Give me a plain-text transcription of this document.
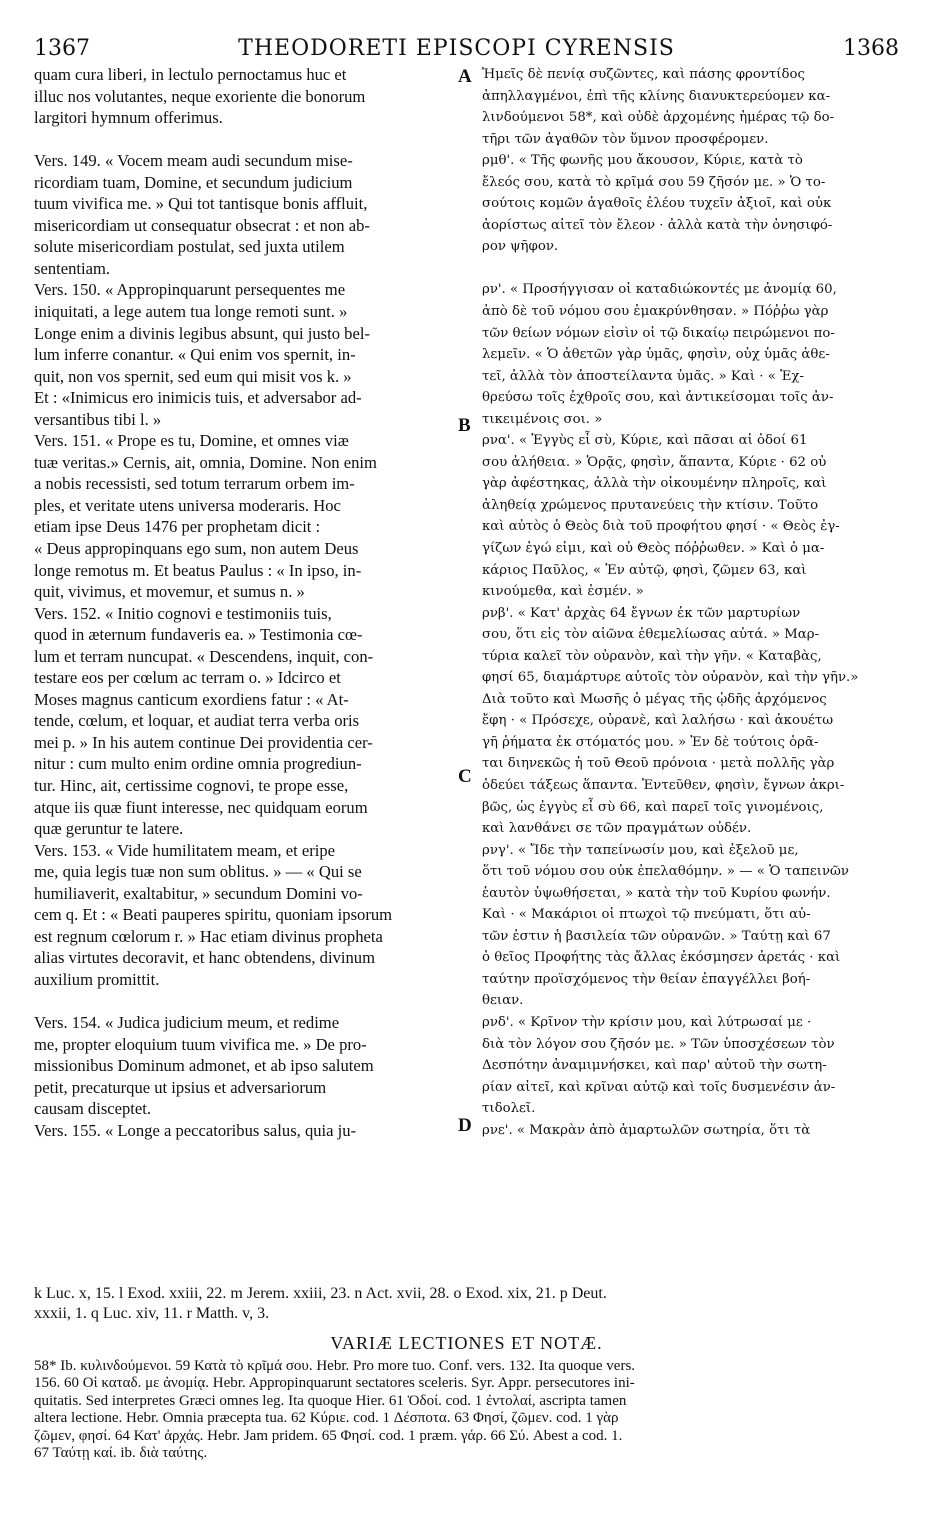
1367	THEODORETI EPISCOPI CYRENSIS	1368
quam cura liberi, in lectulo pernoctamus huc et
illuc nos volutantes, neque exoriente die bonorum
largitori hymnum offerimus.
Vers. 149. « Vocem meam audi secundum mise-
ricordiam tuam, Domine, et secundum judicium
tuum vivifica me. » Qui tot tantisque bonis affluit,
misericordiam ut consequatur obsecrat : et non ab-
solute misericordiam postulat, sed juxta utilem
sententiam.
Vers. 150. « Appropinquarunt persequentes me
iniquitati, a lege autem tua longe remoti sunt. »
Longe enim a divinis legibus absunt, qui justo bel-
lum inferre conantur. « Qui enim vos spernit, in-
quit, non vos spernit, sed eum qui misit vos k. »
Et : «Inimicus ero inimicis tuis, et adversabor ad-
versantibus tibi l. »
Vers. 151. « Prope es tu, Domine, et omnes viæ
tuæ veritas.» Cernis, ait, omnia, Domine. Non enim
a nobis recessisti, sed totum terrarum orbem im-
ples, et veritate utens universa moderaris. Hoc
etiam ipse Deus 1476 per prophetam dicit :
« Deus appropinquans ego sum, non autem Deus
longe remotus m. Et beatus Paulus : « In ipso, in-
quit, vivimus, et movemur, et sumus n. »
Vers. 152. « Initio cognovi e testimoniis tuis,
quod in æternum fundaveris ea. » Testimonia cœ-
lum et terram nuncupat. « Descendens, inquit, con-
testare eos per cœlum ac terram o. » Idcirco et
Moses magnus canticum exordiens fatur : « At-
tende, cœlum, et loquar, et audiat terra verba oris
mei p. » In his autem continue Dei providentia cer-
nitur : cum multo enim ordine omnia progrediun-
tur. Hinc, ait, certissime cognovi, te prope esse,
atque iis quæ fiunt interesse, nec quidquam eorum
quæ geruntur te latere.
Vers. 153. « Vide humilitatem meam, et eripe
me, quia legis tuæ non sum oblitus. » — « Qui se
humiliaverit, exaltabitur, » secundum Domini vo-
cem q. Et : « Beati pauperes spiritu, quoniam ipsorum
est regnum cœlorum r. » Hac etiam divinus propheta
alias virtutes decoravit, et hanc obtendens, divinum
auxilium promittit.
Vers. 154. « Judica judicium meum, et redime
me, propter eloquium tuum vivifica me. » De pro-
missionibus Dominum admonet, et ab ipso salutem
petit, precaturque ut ipsius et adversariorum
causam disceptet.
Vers. 155. « Longe a peccatoribus salus, quia ju-
Ἡμεῖς δὲ πενίᾳ συζῶντες, καὶ πάσης φροντίδος
ἀπηλλαγμένοι, ἐπὶ τῆς κλίνης διανυκτερεύομεν κα-
λινδούμενοι 58*, καὶ οὐδὲ ἀρχομένης ἡμέρας τῷ δο-
τῆρι τῶν ἀγαθῶν τὸν ὕμνον προσφέρομεν.
ρμθ'. « Τῆς φωνῆς μου ἄκουσον, Κύριε, κατὰ τὸ
ἔλεός σου, κατὰ τὸ κρῖμά σου 59 ζῆσόν με. » Ὁ το-
σούτοις κομῶν ἀγαθοῖς ἐλέου τυχεῖν ἀξιοῖ, καὶ οὐκ
ἀορίστως αἰτεῖ τὸν ἔλεον · ἀλλὰ κατὰ τὴν ὀνησιφό-
ρον ψῆφον.
ρν'. « Προσήγγισαν οἱ καταδιώκοντές με ἀνομίᾳ 60,
ἀπὸ δὲ τοῦ νόμου σου ἐμακρύνθησαν. » Πόῤῥω γὰρ
τῶν θείων νόμων εἰσὶν οἱ τῷ δικαίῳ πειρώμενοι πο-
λεμεῖν. « Ὁ ἀθετῶν γὰρ ὑμᾶς, φησὶν, οὐχ ὑμᾶς ἀθε-
τεῖ, ἀλλὰ τὸν ἀποστείλαντα ὑμᾶς. » Καὶ · « Ἐχ-
θρεύσω τοῖς ἐχθροῖς σου, καὶ ἀντικείσομαι τοῖς ἀν-
τικειμένοις σοι. »
ρνα'. « Ἐγγὺς εἶ σὺ, Κύριε, καὶ πᾶσαι αἱ ὁδοί 61
σου ἀλήθεια. » Ὁρᾷς, φησὶν, ἅπαντα, Κύριε · 62 οὐ
γὰρ ἀφέστηκας, ἀλλὰ τὴν οἰκουμένην πληροῖς, καὶ
ἀληθείᾳ χρώμενος πρυτανεύεις τὴν κτίσιν. Τοῦτο
καὶ αὐτὸς ὁ Θεὸς διὰ τοῦ προφήτου φησί · « Θεὸς ἐγ-
γίζων ἐγώ εἰμι, καὶ οὐ Θεὸς πόῤῥωθεν. » Καὶ ὁ μα-
κάριος Παῦλος, « Ἐν αὐτῷ, φησὶ, ζῶμεν 63, καὶ
κινούμεθα, καὶ ἐσμέν. »
ρνβ'. « Κατ' ἀρχὰς 64 ἔγνων ἐκ τῶν μαρτυρίων
σου, ὅτι εἰς τὸν αἰῶνα ἐθεμελίωσας αὐτά. » Μαρ-
τύρια καλεῖ τὸν οὐρανὸν, καὶ τὴν γῆν. « Καταβὰς,
φησί 65, διαμάρτυρε αὐτοῖς τὸν οὐρανὸν, καὶ τὴν γῆν.»
Διὰ τοῦτο καὶ Μωσῆς ὁ μέγας τῆς ᾠδῆς ἀρχόμενος
ἔφη · « Πρόσεχε, οὐρανὲ, καὶ λαλήσω · καὶ ἀκουέτω
γῆ ῥήματα ἐκ στόματός μου. » Ἐν δὲ τούτοις ὁρᾶ-
ται διηνεκῶς ἡ τοῦ Θεοῦ πρόνοια · μετὰ πολλῆς γὰρ
ὁδεύει τάξεως ἅπαντα. Ἐντεῦθεν, φησὶν, ἔγνων ἀκρι-
βῶς, ὡς ἐγγὺς εἶ σὺ 66, καὶ παρεῖ τοῖς γινομένοις,
καὶ λανθάνει σε τῶν πραγμάτων οὐδέν.
ρνγ'. « Ἴδε τὴν ταπείνωσίν μου, καὶ ἐξελοῦ με,
ὅτι τοῦ νόμου σου οὐκ ἐπελαθόμην. » — « Ὁ ταπεινῶν
ἑαυτὸν ὑψωθήσεται, » κατὰ τὴν τοῦ Κυρίου φωνήν.
Καὶ · « Μακάριοι οἱ πτωχοὶ τῷ πνεύματι, ὅτι αὐ-
τῶν ἐστιν ἡ βασιλεία τῶν οὐρανῶν. » Ταύτῃ καὶ 67
ὁ θεῖος Προφήτης τὰς ἄλλας ἐκόσμησεν ἀρετάς · καὶ
ταύτην προϊσχόμενος τὴν θείαν ἐπαγγέλλει βοή-
θειαν.
ρνδ'. « Κρῖνον τὴν κρίσιν μου, καὶ λύτρωσαί με ·
διὰ τὸν λόγον σου ζῆσόν με. » Τῶν ὑποσχέσεων τὸν
Δεσπότην ἀναμιμνήσκει, καὶ παρ' αὐτοῦ τὴν σωτη-
ρίαν αἰτεῖ, καὶ κρῖναι αὐτῷ καὶ τοῖς δυσμενέσιν ἀν-
τιδολεῖ.
ρνε'. « Μακρὰν ἀπὸ ἁμαρτωλῶν σωτηρία, ὅτι τὰ
A
B
C
D
k Luc. x, 15. l Exod. xxiii, 22. m Jerem. xxiii, 23. n Act. xvii, 28. o Exod. xix, 21. p Deut.
xxxii, 1. q Luc. xiv, 11. r Matth. v, 3.
VARIÆ LECTIONES ET NOTÆ.
58* Ib. κυλινδούμενοι. 59 Κατὰ τὸ κρῖμά σου. Hebr. Pro more tuo. Conf. vers. 132. Ita quoque vers.
156. 60 Οἱ καταδ. με ἀνομίᾳ. Hebr. Appropinquarunt sectatores sceleris. Syr. Appr. persecutores ini-
quitatis. Sed interpretes Græci omnes leg. Ita quoque Hier. 61 Ὁδοί. cod. 1 ἐντολαί, ascripta tamen
altera lectione. Hebr. Omnia præcepta tua. 62 Κύριε. cod. 1 Δέσποτα. 63 Φησί, ζῶμεν. cod. 1 γὰρ
ζῶμεν, φησί. 64 Κατ' ἀρχάς. Hebr. Jam pridem. 65 Φησί. cod. 1 præm. γάρ. 66 Σύ. Abest a cod. 1.
67 Ταύτῃ καί. ib. διὰ ταύτης.
